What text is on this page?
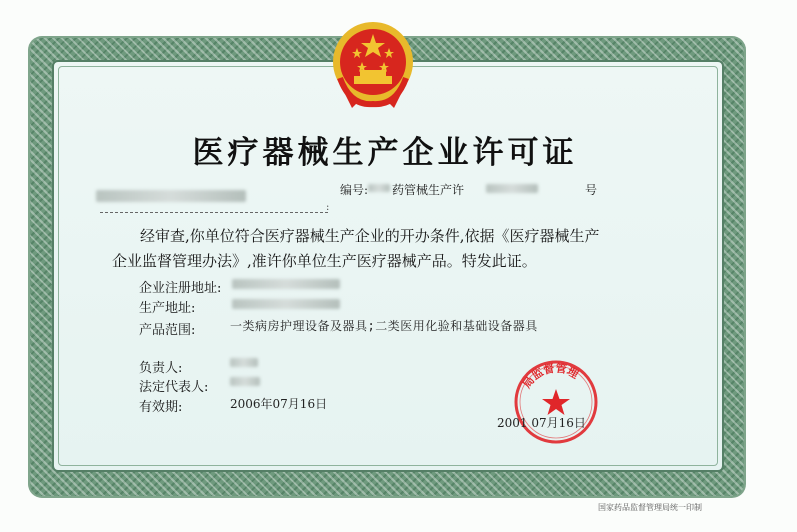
医疗器械生产企业许可证
:
编号: 药管械生产许	号
经审查,你单位符合医疗器械生产企业的开办条件,依据《医疗器械生产
企业监督管理办法》,准许你单位生产医疗器械产品。特发此证。
企业注册地址:
生产地址:
产品范围:	一类病房护理设备及器具;二类医用化验和基础设备器具
负责人:
法定代表人:
有效期:	2006年07月16日
局监督管理
2001 07月16日
国家药品监督管理局统一印制
